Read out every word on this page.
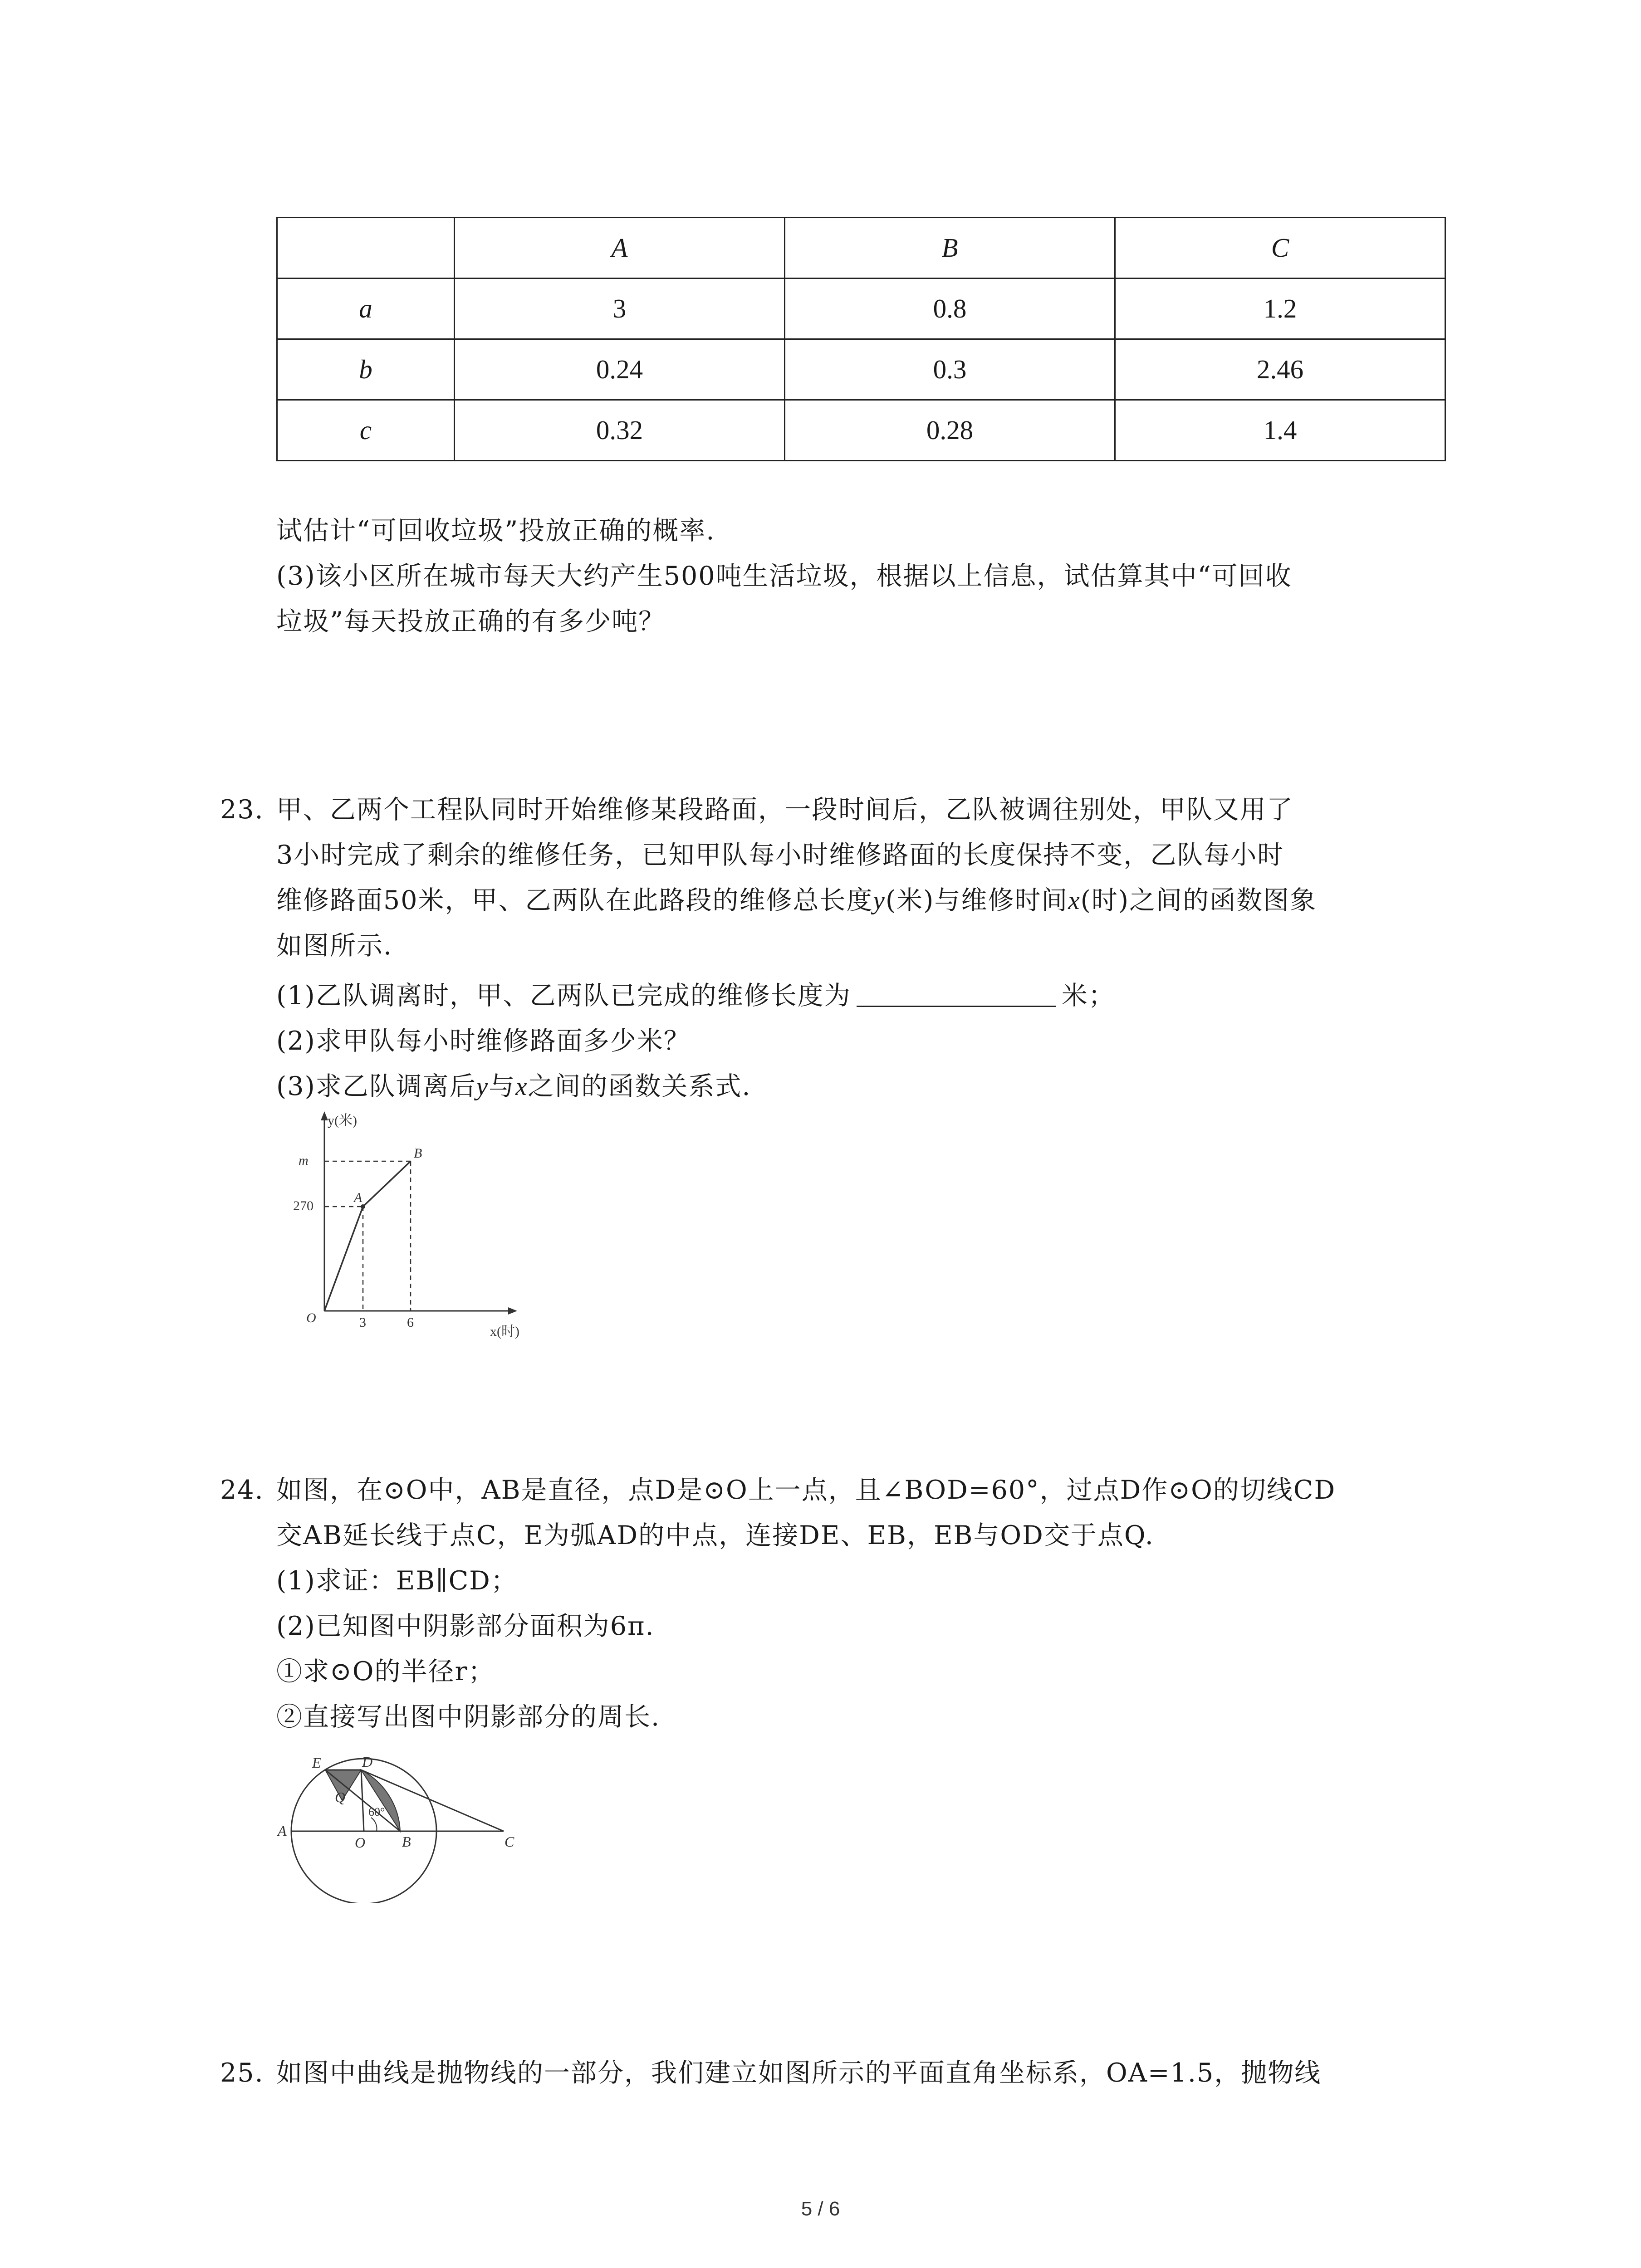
	A	B	C
a	3	0.8	1.2
b	0.24	0.3	2.46
c	0.32	0.28	1.4
试估计“可回收垃圾”投放正确的概率.
(3)该小区所在城市每天大约产生500吨生活垃圾，根据以上信息，试估算其中“可回收
垃圾”每天投放正确的有多少吨？
23. 甲、乙两个工程队同时开始维修某段路面，一段时间后，乙队被调往别处，甲队又用了
3小时完成了剩余的维修任务，已知甲队每小时维修路面的长度保持不变，乙队每小时
维修路面50米，甲、乙两队在此路段的维修总长度y(米)与维修时间x(时)之间的函数图象
如图所示.
(1)乙队调离时，甲、乙两队已完成的维修长度为	米；
(2)求甲队每小时维修路面多少米？
(3)求乙队调离后y与x之间的函数关系式.
y(米)
x(时)
O
m
270
3	6
A
B
24. 如图，在⊙O中，AB是直径，点D是⊙O上一点，且∠BOD=60°，过点D作⊙O的切线CD
交AB延长线于点C，E为弧AD的中点，连接DE、EB，EB与OD交于点Q.
(1)求证：EB∥CD；
(2)已知图中阴影部分面积为6π.
①求⊙O的半径r；
②直接写出图中阴影部分的周长.
E	D
Q
A
O	B	C
60°
25. 如图中曲线是抛物线的一部分，我们建立如图所示的平面直角坐标系，OA=1.5，抛物线
5 / 6
